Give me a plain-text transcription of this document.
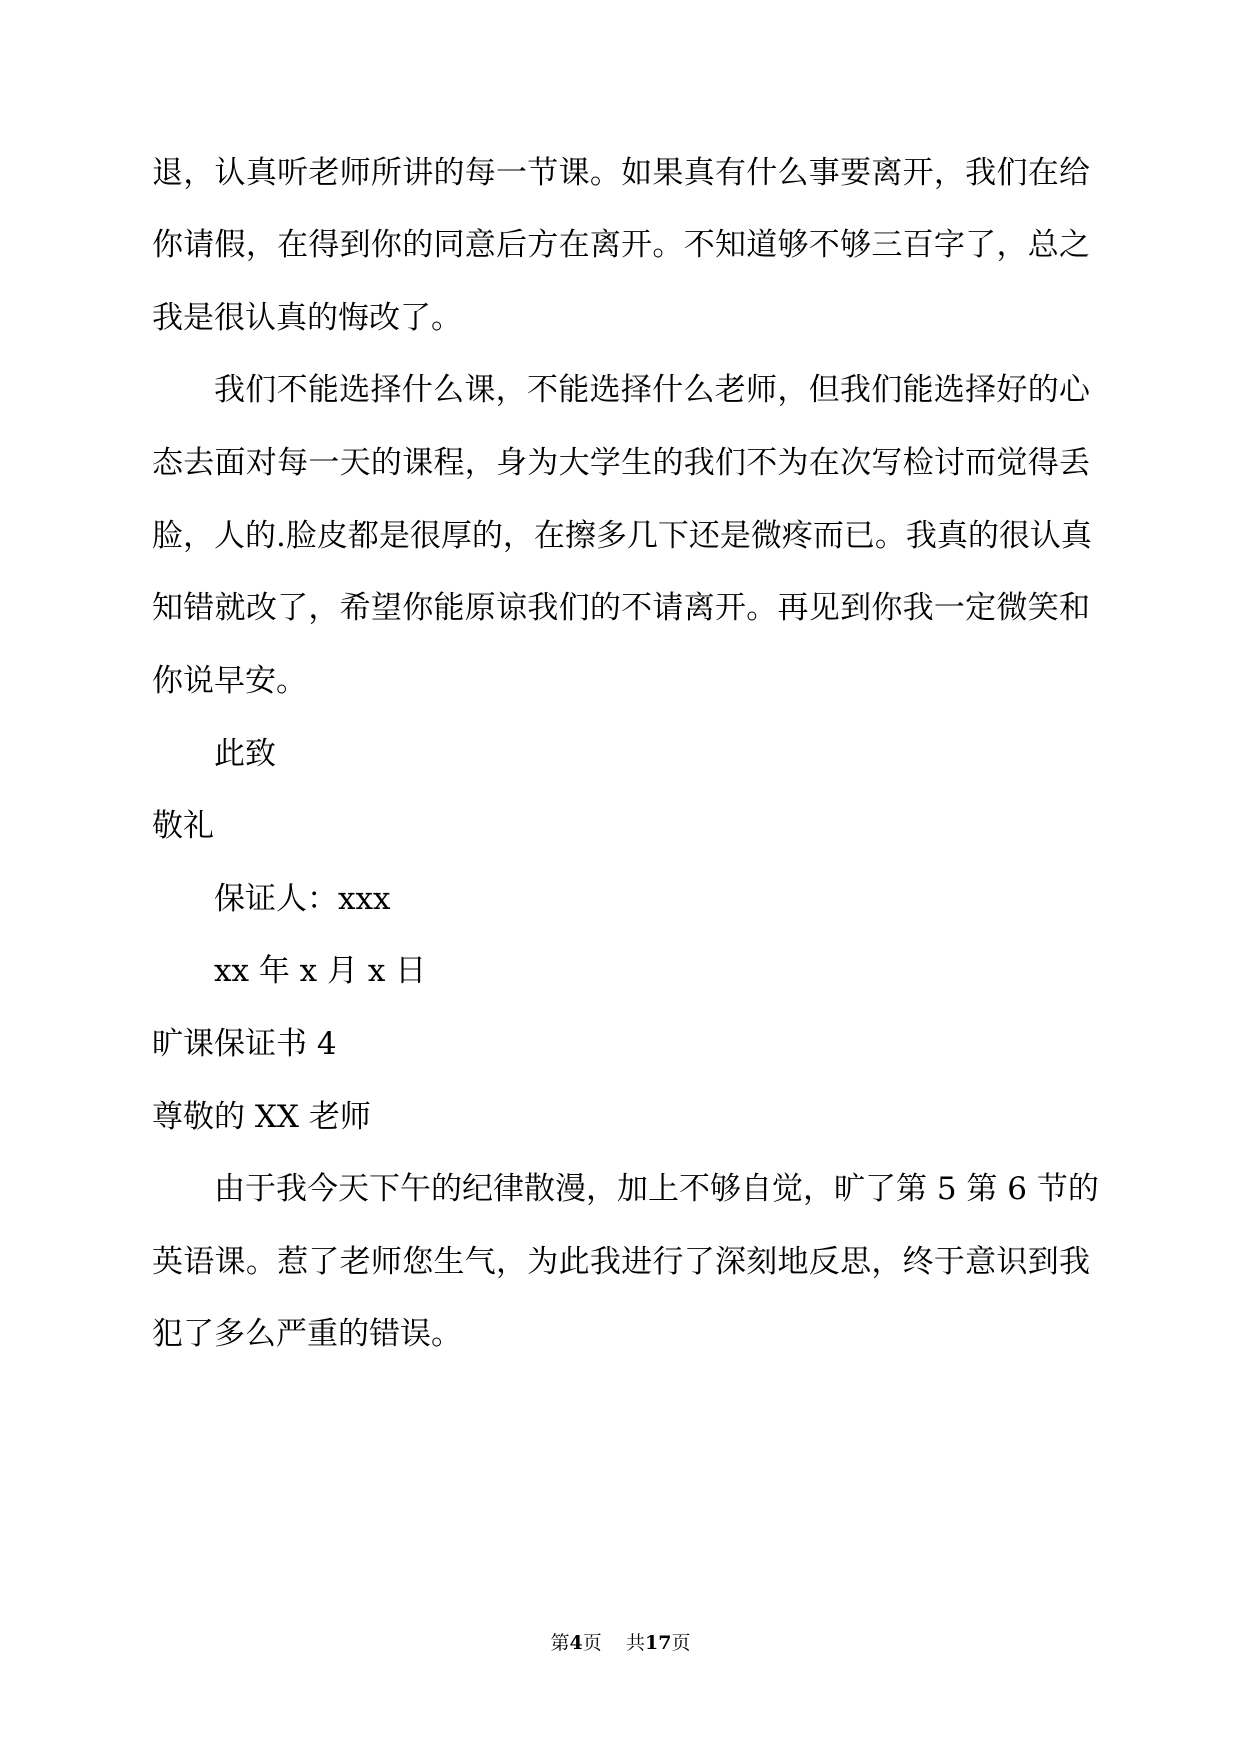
退，认真听老师所讲的每一节课。如果真有什么事要离开，我们在给
你请假，在得到你的同意后方在离开。不知道够不够三百字了，总之
我是很认真的悔改了。
我们不能选择什么课，不能选择什么老师，但我们能选择好的心
态去面对每一天的课程，身为大学生的我们不为在次写检讨而觉得丢
脸，人的.脸皮都是很厚的，在擦多几下还是微疼而已。我真的很认真
知错就改了，希望你能原谅我们的不请离开。再见到你我一定微笑和
你说早安。
此致
敬礼
保证人：xxx
xx 年 x 月 x 日
旷课保证书 4
尊敬的 XX 老师
由于我今天下午的纪律散漫，加上不够自觉，旷了第 5 第 6 节的
英语课。惹了老师您生气，为此我进行了深刻地反思，终于意识到我
犯了多么严重的错误。
第4页 共17页
